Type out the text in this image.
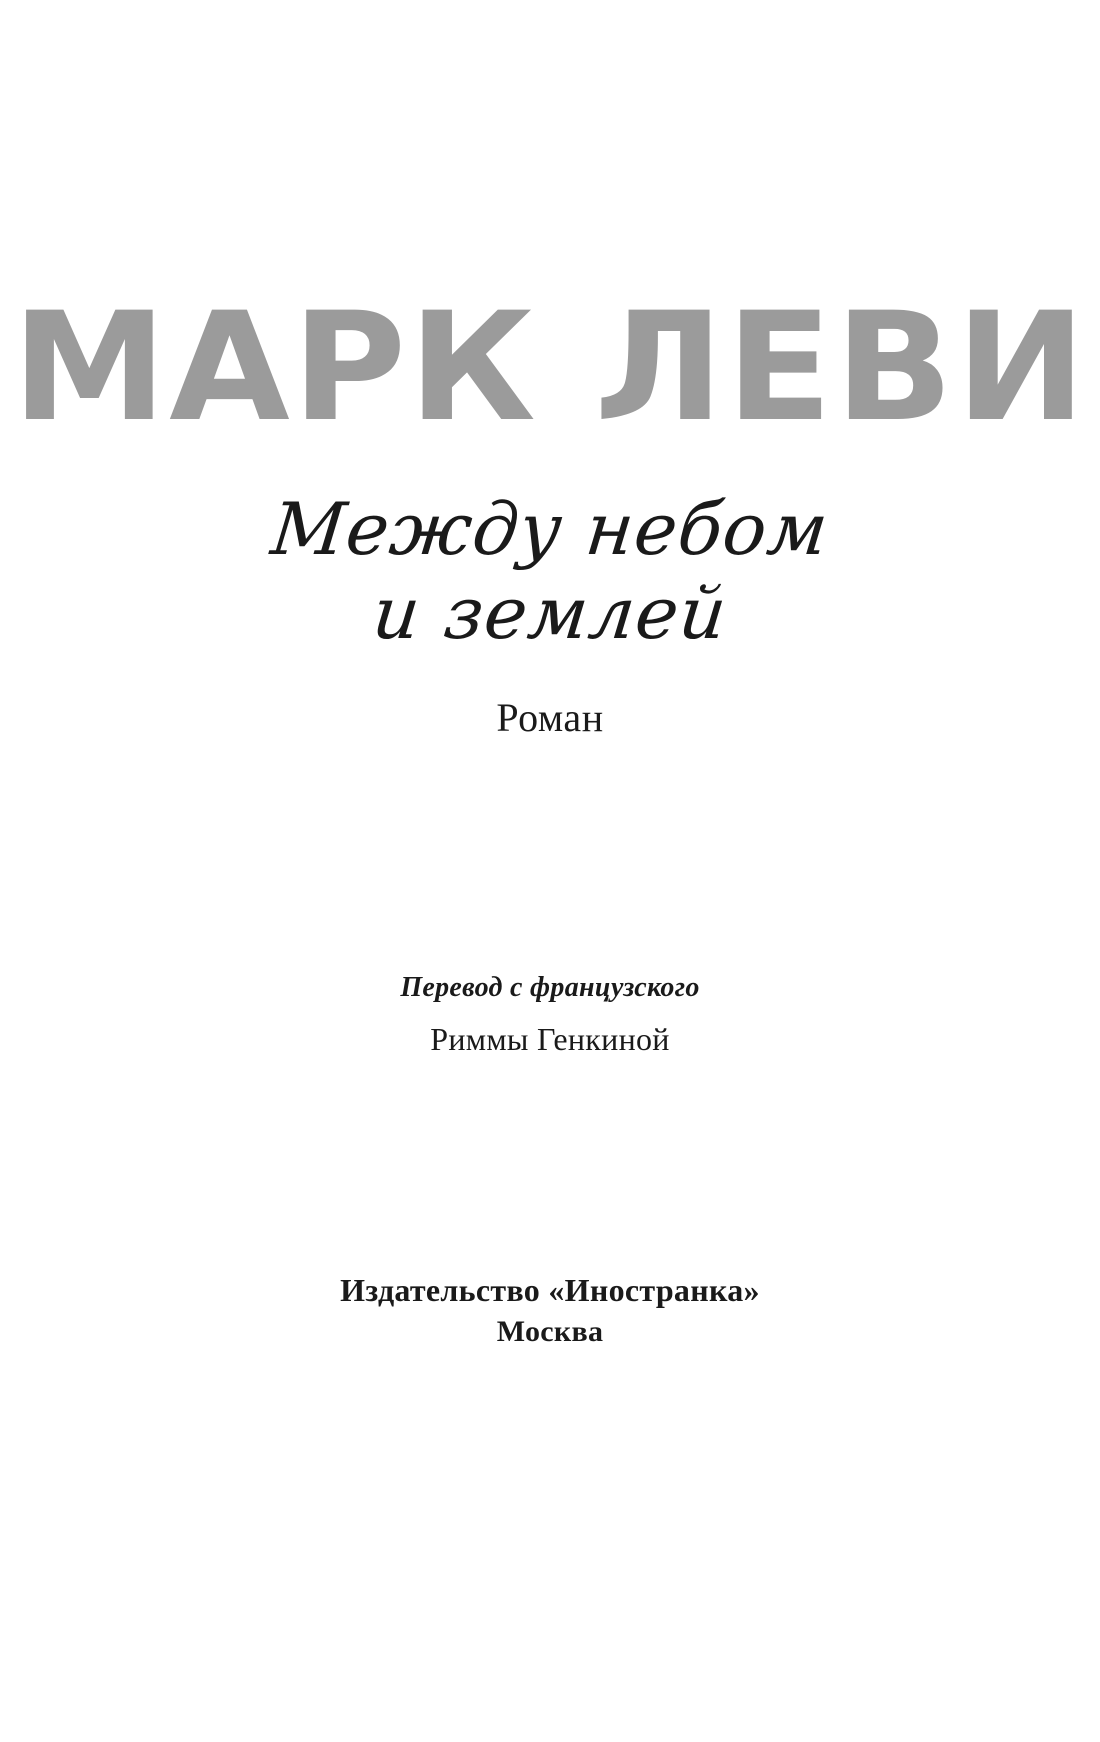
МАРК ЛЕВИ
Между небом
и землей
Роман
Перевод с французского
Риммы Генкиной
Издательство «Иностранка»
Москва
